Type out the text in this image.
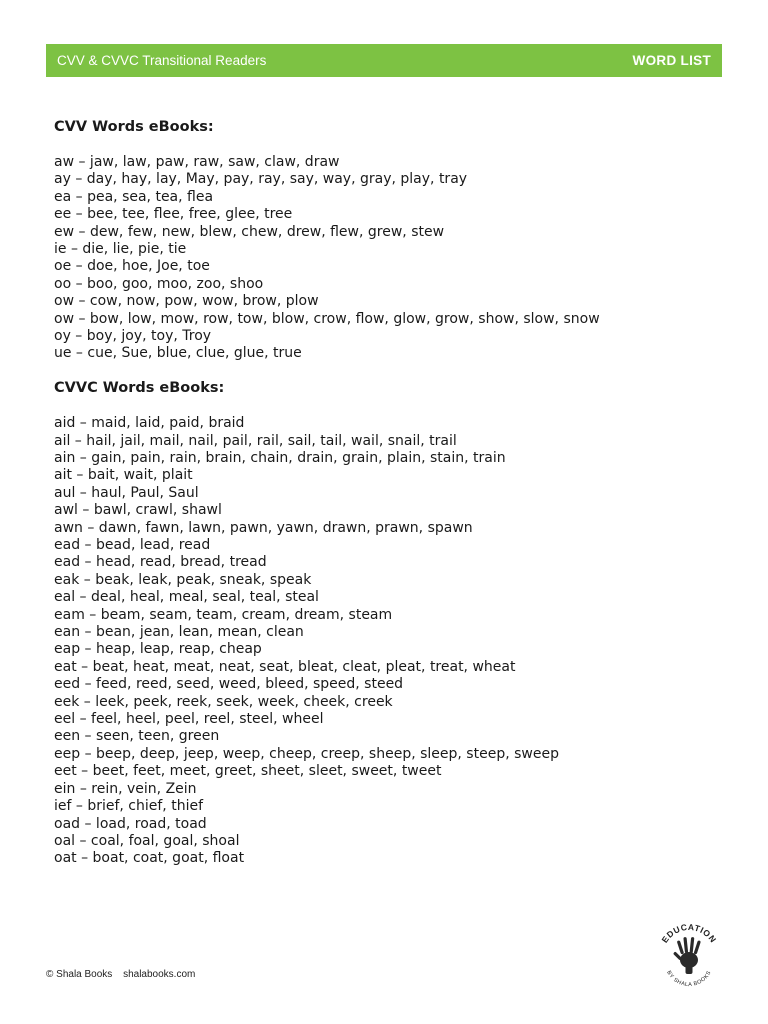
CVV & CVVC Transitional Readers	WORD LIST
CVV Words eBooks:
aw – jaw, law, paw, raw, saw, claw, draw
ay – day, hay, lay, May, pay, ray, say, way, gray, play, tray
ea – pea, sea, tea, flea
ee – bee, tee, flee, free, glee, tree
ew – dew, few, new, blew, chew, drew, flew, grew, stew
ie – die, lie, pie, tie
oe – doe, hoe, Joe, toe
oo – boo, goo, moo, zoo, shoo
ow – cow, now, pow, wow, brow, plow
ow – bow, low, mow, row, tow, blow, crow, flow, glow, grow, show, slow, snow
oy – boy, joy, toy, Troy
ue – cue, Sue, blue, clue, glue, true
CVVC Words eBooks:
aid – maid, laid, paid, braid
ail – hail, jail, mail, nail, pail, rail, sail, tail, wail, snail, trail
ain – gain, pain, rain, brain, chain, drain, grain, plain, stain, train
ait – bait, wait, plait
aul – haul, Paul, Saul
awl – bawl, crawl, shawl
awn – dawn, fawn, lawn, pawn, yawn, drawn, prawn, spawn
ead – bead, lead, read
ead – head, read, bread, tread
eak – beak, leak, peak, sneak, speak
eal – deal, heal, meal, seal, teal, steal
eam – beam, seam, team, cream, dream, steam
ean – bean, jean, lean, mean, clean
eap – heap, leap, reap, cheap
eat – beat, heat, meat, neat, seat, bleat, cleat, pleat, treat, wheat
eed – feed, reed, seed, weed, bleed, speed, steed
eek – leek, peek, reek, seek, week, cheek, creek
eel – feel, heel, peel, reel, steel, wheel
een – seen, teen, green
eep – beep, deep, jeep, weep, cheep, creep, sheep, sleep, steep, sweep
eet – beet, feet, meet, greet, sheet, sleet, sweet, tweet
ein – rein, vein, Zein
ief – brief, chief, thief
oad – load, road, toad
oal – coal, foal, goal, shoal
oat – boat, coat, goat, float
© Shala Books shalabooks.com
EDUCATION
BY SHALA BOOKS
